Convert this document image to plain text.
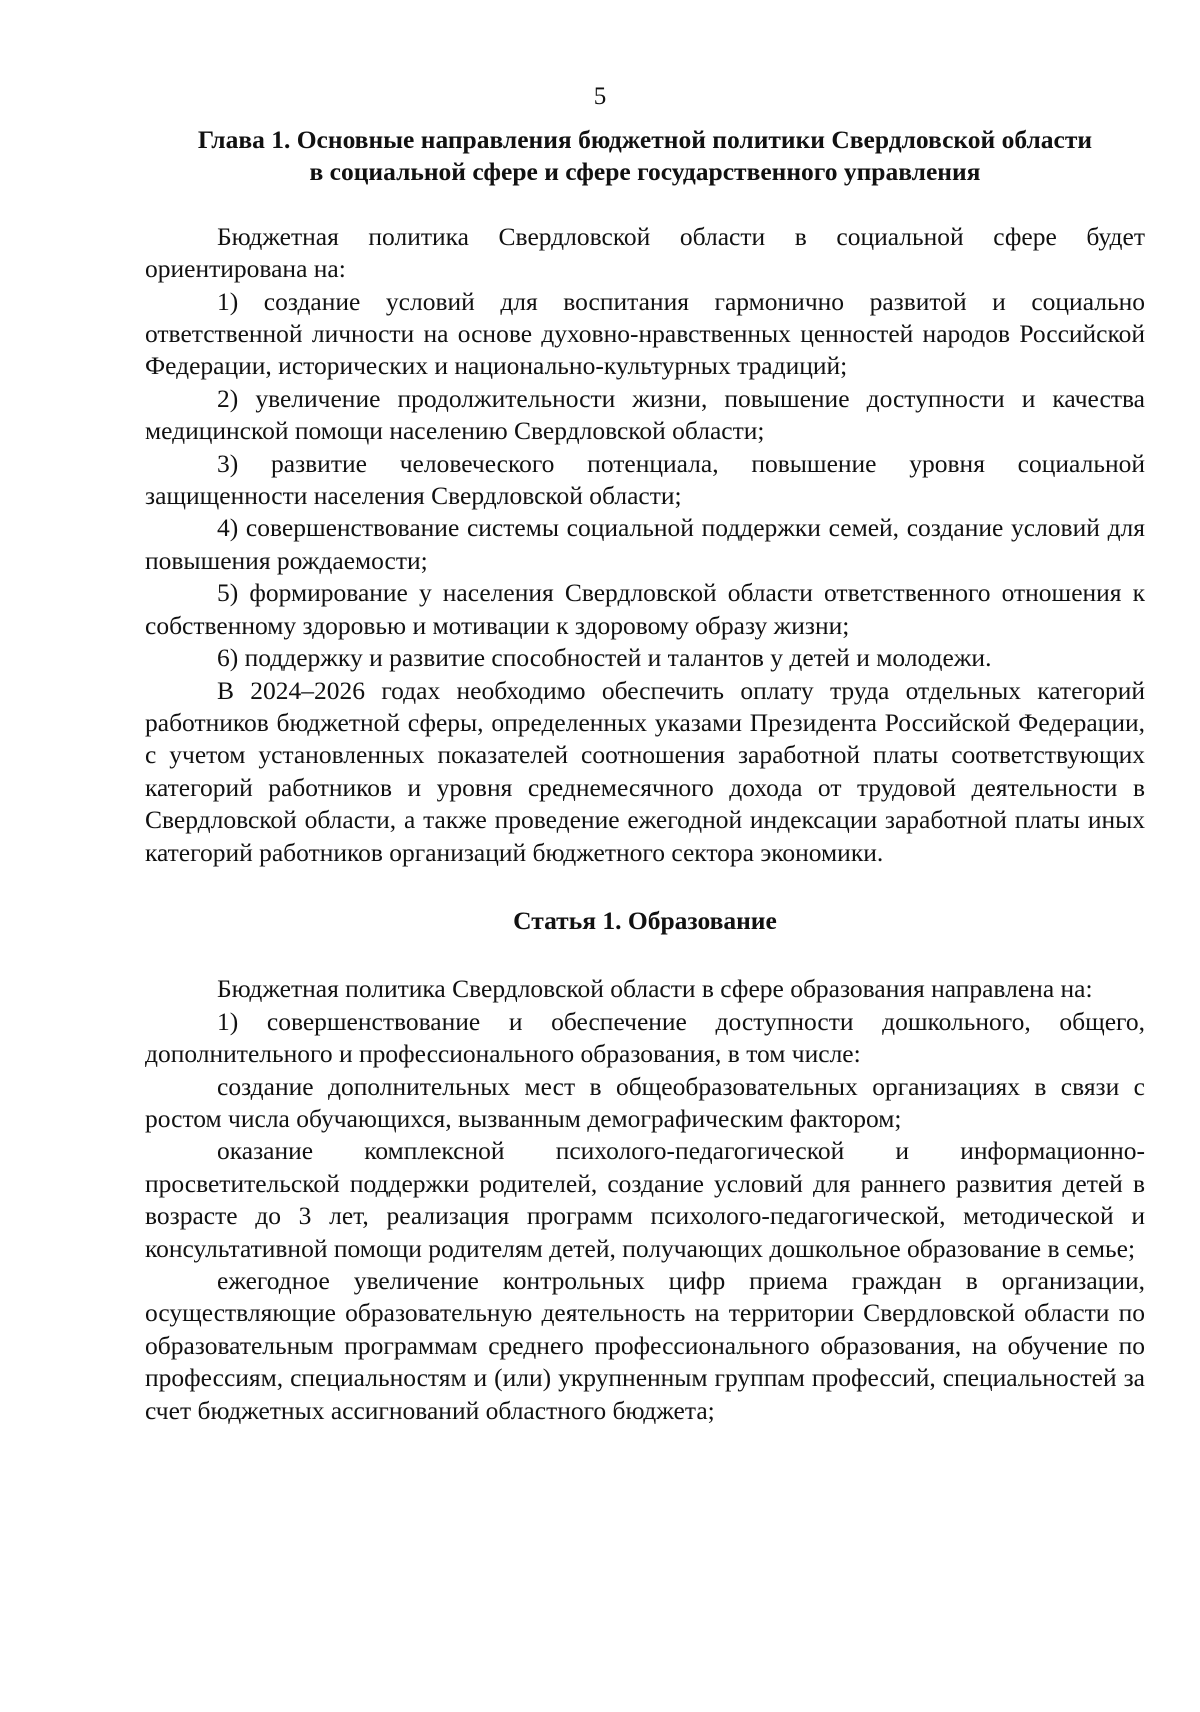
5
Глава 1. Основные направления бюджетной политики Свердловской области
в социальной сфере и сфере государственного управления

Бюджетная политика Свердловской области в социальной сфере будет ориентирована на:

1) создание условий для воспитания гармонично развитой и социально ответственной личности на основе духовно-нравственных ценностей народов Российской Федерации, исторических и национально-культурных традиций;

2) увеличение продолжительности жизни, повышение доступности и качества медицинской помощи населению Свердловской области;

3) развитие человеческого потенциала, повышение уровня социальной защищенности населения Свердловской области;

4) совершенствование системы социальной поддержки семей, создание условий для повышения рождаемости;

5) формирование у населения Свердловской области ответственного отношения к собственному здоровью и мотивации к здоровому образу жизни;

6) поддержку и развитие способностей и талантов у детей и молодежи.

В 2024–2026 годах необходимо обеспечить оплату труда отдельных категорий работников бюджетной сферы, определенных указами Президента Российской Федерации, с учетом установленных показателей соотношения заработной платы соответствующих категорий работников и уровня среднемесячного дохода от трудовой деятельности в Свердловской области, а также проведение ежегодной индексации заработной платы иных категорий работников организаций бюджетного сектора экономики.

Статья 1. Образование

Бюджетная политика Свердловской области в сфере образования направлена на:

1) совершенствование и обеспечение доступности дошкольного, общего, дополнительного и профессионального образования, в том числе:

создание дополнительных мест в общеобразовательных организациях в связи с ростом числа обучающихся, вызванным демографическим фактором;

оказание комплексной психолого-педагогической и информационно-просветительской поддержки родителей, создание условий для раннего развития детей в возрасте до 3 лет, реализация программ психолого-педагогической, методической и консультативной помощи родителям детей, получающих дошкольное образование в семье;

ежегодное увеличение контрольных цифр приема граждан в организации, осуществляющие образовательную деятельность на территории Свердловской области по образовательным программам среднего профессионального образования, на обучение по профессиям, специальностям и (или) укрупненным группам профессий, специальностей за счет бюджетных ассигнований областного бюджета;
